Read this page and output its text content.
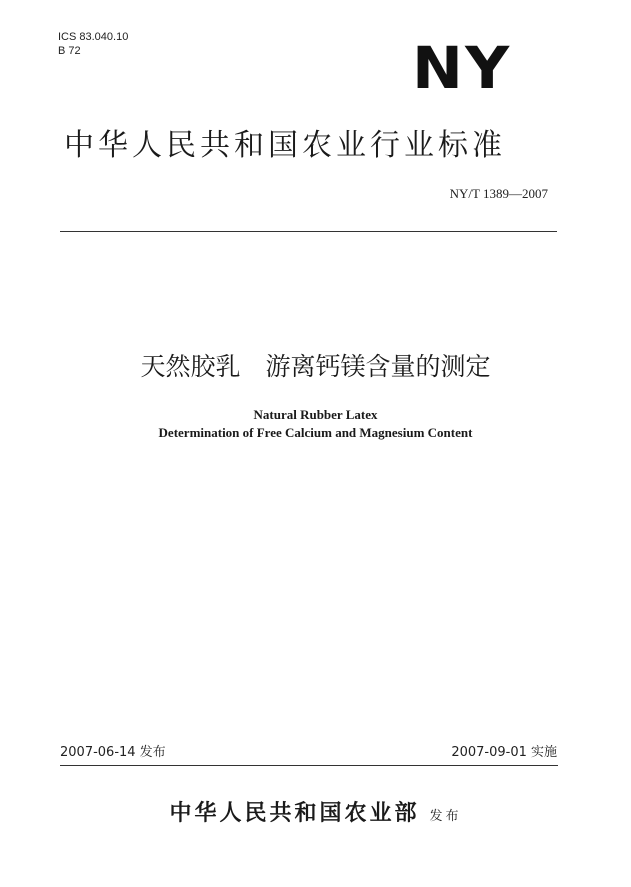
ICS 83.040.10
B 72	NY
中华人民共和国农业行业标准
NY/T 1389—2007
天然胶乳　游离钙镁含量的测定
Natural Rubber Latex
Determination of Free Calcium and Magnesium Content
2007-06-14 发布	2007-09-01 实施
中华人民共和国农业部 发布
